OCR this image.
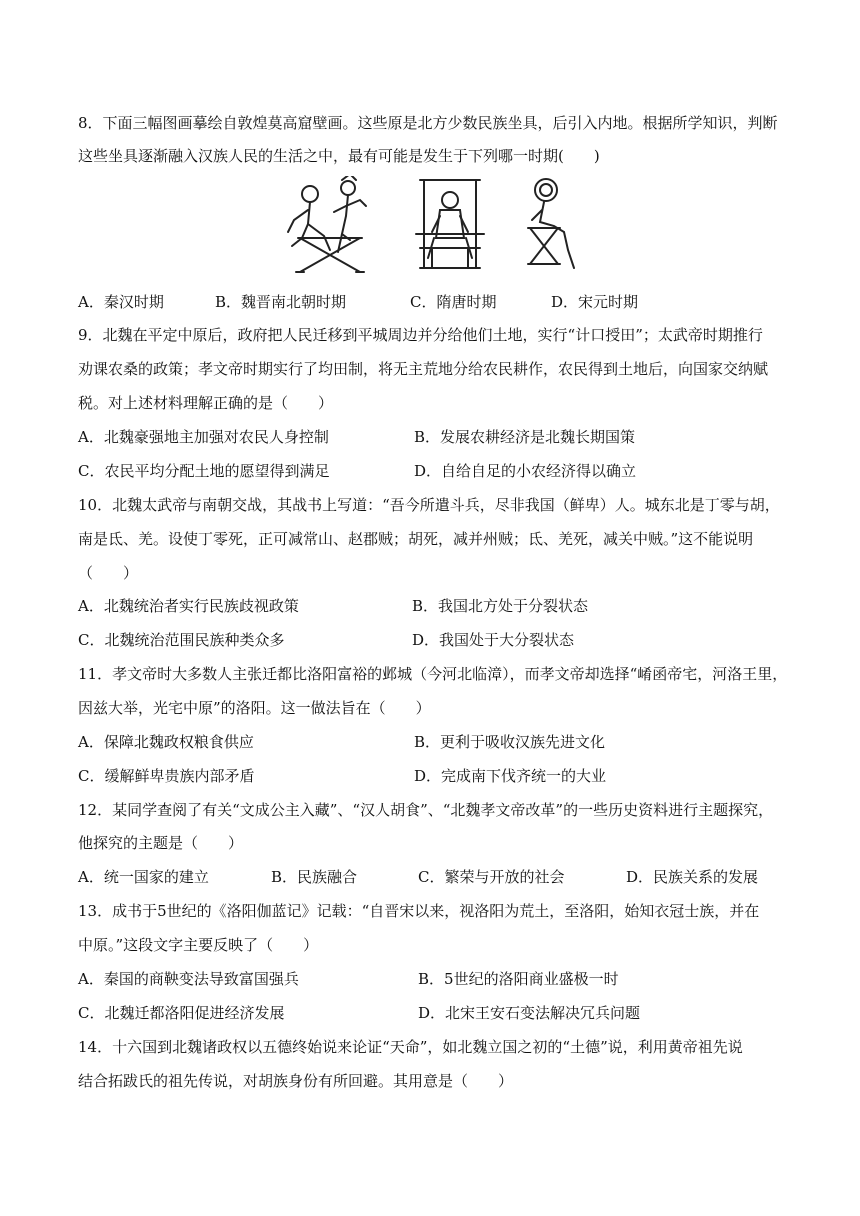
8．下面三幅图画摹绘自敦煌莫高窟壁画。这些原是北方少数民族坐具，后引入内地。根据所学知识，判断
这些坐具逐渐融入汉族人民的生活之中，最有可能是发生于下列哪一时期(　　)
A．秦汉时期	B．魏晋南北朝时期	C．隋唐时期	D．宋元时期
9．北魏在平定中原后，政府把人民迁移到平城周边并分给他们土地，实行“计口授田”；太武帝时期推行
劝课农桑的政策；孝文帝时期实行了均田制，将无主荒地分给农民耕作，农民得到土地后，向国家交纳赋
税。对上述材料理解正确的是（　　）
A．北魏豪强地主加强对农民人身控制	B．发展农耕经济是北魏长期国策
C．农民平均分配土地的愿望得到满足	D．自给自足的小农经济得以确立
10．北魏太武帝与南朝交战，其战书上写道：“吾今所遣斗兵，尽非我国（鲜卑）人。城东北是丁零与胡，
南是氐、羌。设使丁零死，正可减常山、赵郡贼；胡死，减并州贼；氐、羌死，减关中贼。”这不能说明
（　　）
A．北魏统治者实行民族歧视政策	B．我国北方处于分裂状态
C．北魏统治范围民族种类众多	D．我国处于大分裂状态
11．孝文帝时大多数人主张迁都比洛阳富裕的邺城（今河北临漳），而孝文帝却选择“崤函帝宅，河洛王里，
因兹大举，光宅中原”的洛阳。这一做法旨在（　　）
A．保障北魏政权粮食供应	B．更利于吸收汉族先进文化
C．缓解鲜卑贵族内部矛盾	D．完成南下伐齐统一的大业
12．某同学查阅了有关“文成公主入藏”、“汉人胡食”、“北魏孝文帝改革”的一些历史资料进行主题探究，
他探究的主题是（　　）
A．统一国家的建立	B．民族融合	C．繁荣与开放的社会	D．民族关系的发展
13．成书于5世纪的《洛阳伽蓝记》记载：“自晋宋以来，视洛阳为荒土，至洛阳，始知衣冠士族，并在
中原。”这段文字主要反映了（　　）
A．秦国的商鞅变法导致富国强兵	B．5世纪的洛阳商业盛极一时
C．北魏迁都洛阳促进经济发展	D．北宋王安石变法解决冗兵问题
14．十六国到北魏诸政权以五德终始说来论证“天命”，如北魏立国之初的“土德”说，利用黄帝祖先说
结合拓跋氏的祖先传说，对胡族身份有所回避。其用意是（　　）
